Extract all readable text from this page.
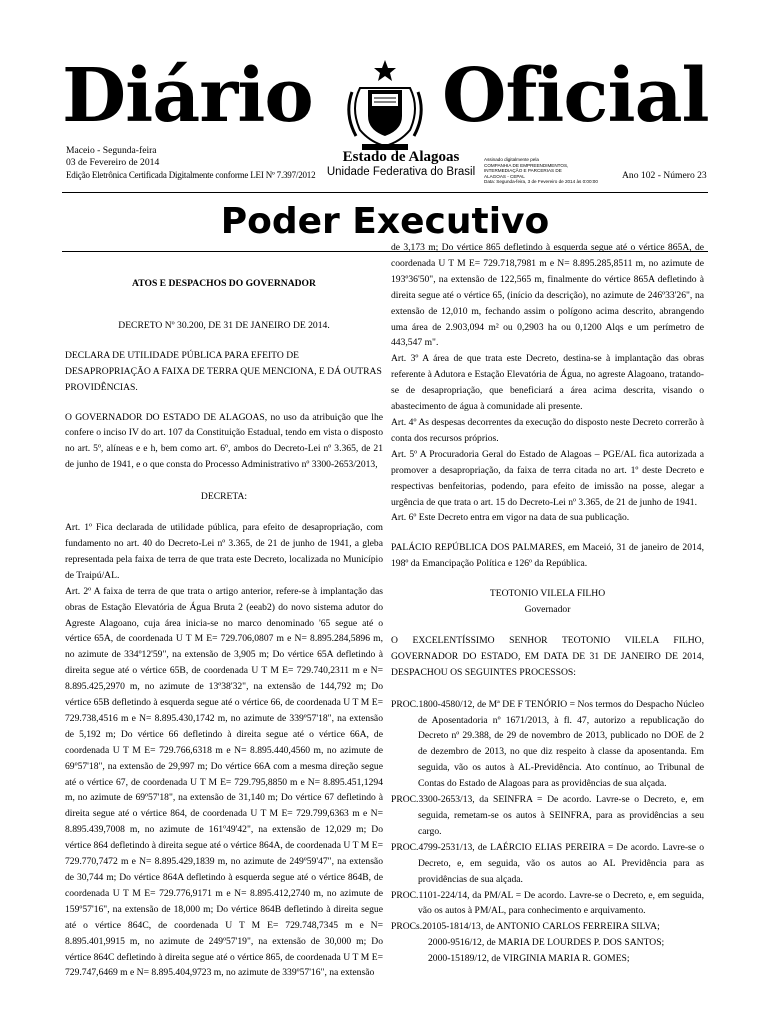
Diário Oficial
Maceio - Segunda-feira
03 de Fevereiro de 2014
Edição Eletrônica Certificada Digitalmente conforme LEI Nº 7.397/2012
Estado de Alagoas
Unidade Federativa do Brasil
Assinado digitalmente pela
COMPANHIA DE EMPREENDIMENTOS,
INTERMEDIAÇÃO E PARCERIAS DE
ALAGOAS - CEPAL
Data: Segunda-feira, 3 de Fevereiro de 2014 às 0:00:00
Ano 102 - Número 23
Poder Executivo

ATOS E DESPACHOS DO GOVERNADOR

DECRETO Nº 30.200, DE 31 DE JANEIRO DE 2014.

DECLARA DE UTILIDADE PÚBLICA PARA EFEITO DE DESAPROPRIAÇÃO A FAIXA DE TERRA QUE MENCIONA, E DÁ OUTRAS PROVIDÊNCIAS.

O GOVERNADOR DO ESTADO DE ALAGOAS, no uso da atribuição que lhe confere o inciso IV do art. 107 da Constituição Estadual, tendo em vista o disposto no art. 5º, alíneas e e h, bem como art. 6º, ambos do Decreto-Lei nº 3.365, de 21 de junho de 1941, e o que consta do Processo Administrativo nº 3300-2653/2013,

DECRETA:

Art. 1º Fica declarada de utilidade pública, para efeito de desapropriação, com fundamento no art. 40 do Decreto-Lei nº 3.365, de 21 de junho de 1941, a gleba representada pela faixa de terra de que trata este Decreto, localizada no Município de Traipú/AL.

Art. 2º A faixa de terra de que trata o artigo anterior, refere-se à implantação das obras de Estação Elevatória de Água Bruta 2 (eeab2) do novo sistema adutor do Agreste Alagoano, cuja área inicia-se no marco denominado '65 segue até o vértice 65A, de coordenada U T M E= 729.706,0807 m e N= 8.895.284,5896 m, no azimute de 334º12'59", na extensão de 3,905 m; Do vértice 65A defletindo à direita segue até o vértice 65B, de coordenada U T M E= 729.740,2311 m e N= 8.895.425,2970 m, no azimute de 13º38'32", na extensão de 144,792 m; Do vértice 65B defletindo à esquerda segue até o vértice 66, de coordenada U T M E= 729.738,4516 m e N= 8.895.430,1742 m, no azimute de 339º57'18", na extensão de 5,192 m; Do vértice 66 defletindo à direita segue até o vértice 66A, de coordenada U T M E= 729.766,6318 m e N= 8.895.440,4560 m, no azimute de 69º57'18", na extensão de 29,997 m; Do vértice 66A com a mesma direção segue até o vértice 67, de coordenada U T M E= 729.795,8850 m e N= 8.895.451,1294 m, no azimute de 69º57'18", na extensão de 31,140 m; Do vértice 67 defletindo à direita segue até o vértice 864, de coordenada U T M E= 729.799,6363 m e N= 8.895.439,7008 m, no azimute de 161º49'42", na extensão de 12,029 m; Do vértice 864 defletindo à direita segue até o vértice 864A, de coordenada U T M E= 729.770,7472 m e N= 8.895.429,1839 m, no azimute de 249º59'47", na extensão de 30,744 m; Do vértice 864A defletindo à esquerda segue até o vértice 864B, de coordenada U T M E= 729.776,9171 m e N= 8.895.412,2740 m, no azimute de 159º57'16", na extensão de 18,000 m; Do vértice 864B defletindo à direita segue até o vértice 864C, de coordenada U T M E= 729.748,7345 m e N= 8.895.401,9915 m, no azimute de 249º57'19", na extensão de 30,000 m; Do vértice 864C defletindo à direita segue até o vértice 865, de coordenada U T M E= 729.747,6469 m e N= 8.895.404,9723 m, no azimute de 339º57'16", na extensão

de 3,173 m; Do vértice 865 defletindo à esquerda segue até o vértice 865A, de coordenada U T M E= 729.718,7981 m e N= 8.895.285,8511 m, no azimute de 193º36'50", na extensão de 122,565 m, finalmente do vértice 865A defletindo à direita segue até o vértice 65, (início da descrição), no azimute de 246º33'26", na extensão de 12,010 m, fechando assim o polígono acima descrito, abrangendo uma área de 2.903,094 m² ou 0,2903 ha ou 0,1200 Alqs e um perímetro de 443,547 m".

Art. 3º A área de que trata este Decreto, destina-se à implantação das obras referente à Adutora e Estação Elevatória de Água, no agreste Alagoano, tratando-se de desapropriação, que beneficiará a área acima descrita, visando o abastecimento de água à comunidade ali presente.

Art. 4º As despesas decorrentes da execução do disposto neste Decreto correrão à conta dos recursos próprios.

Art. 5º A Procuradoria Geral do Estado de Alagoas – PGE/AL fica autorizada a promover a desapropriação, da faixa de terra citada no art. 1º deste Decreto e respectivas benfeitorias, podendo, para efeito de imissão na posse, alegar a urgência de que trata o art. 15 do Decreto-Lei nº 3.365, de 21 de junho de 1941.

Art. 6º Este Decreto entra em vigor na data de sua publicação.

PALÁCIO REPÚBLICA DOS PALMARES, em Maceió, 31 de janeiro de 2014, 198º da Emancipação Política e 126º da República.

TEOTONIO VILELA FILHO

Governador

O EXCELENTÍSSIMO SENHOR TEOTONIO VILELA FILHO, GOVERNADOR DO ESTADO, EM DATA DE 31 DE JANEIRO DE 2014, DESPACHOU OS SEGUINTES PROCESSOS:

PROC.1800-4580/12, de Mª DE F TENÓRIO = Nos termos do Despacho Núcleo de Aposentadoria nº 1671/2013, à fl. 47, autorizo a republicação do Decreto nº 29.388, de 29 de novembro de 2013, publicado no DOE de 2 de dezembro de 2013, no que diz respeito à classe da aposentanda. Em seguida, vão os autos à AL-Previdência. Ato contínuo, ao Tribunal de Contas do Estado de Alagoas para as providências de sua alçada.

PROC.3300-2653/13, da SEINFRA = De acordo. Lavre-se o Decreto, e, em seguida, remetam-se os autos à SEINFRA, para as providências a seu cargo.

PROC.4799-2531/13, de LAÉRCIO ELIAS PEREIRA = De acordo. Lavre-se o Decreto, e, em seguida, vão os autos ao AL Previdência para as providências de sua alçada.

PROC.1101-224/14, da PM/AL = De acordo. Lavre-se o Decreto, e, em seguida, vão os autos à PM/AL, para conhecimento e arquivamento.

PROCs.20105-1814/13, de ANTONIO CARLOS FERREIRA SILVA;

2000-9516/12, de MARIA DE LOURDES P. DOS SANTOS;

2000-15189/12, de VIRGINIA MARIA R. GOMES;
